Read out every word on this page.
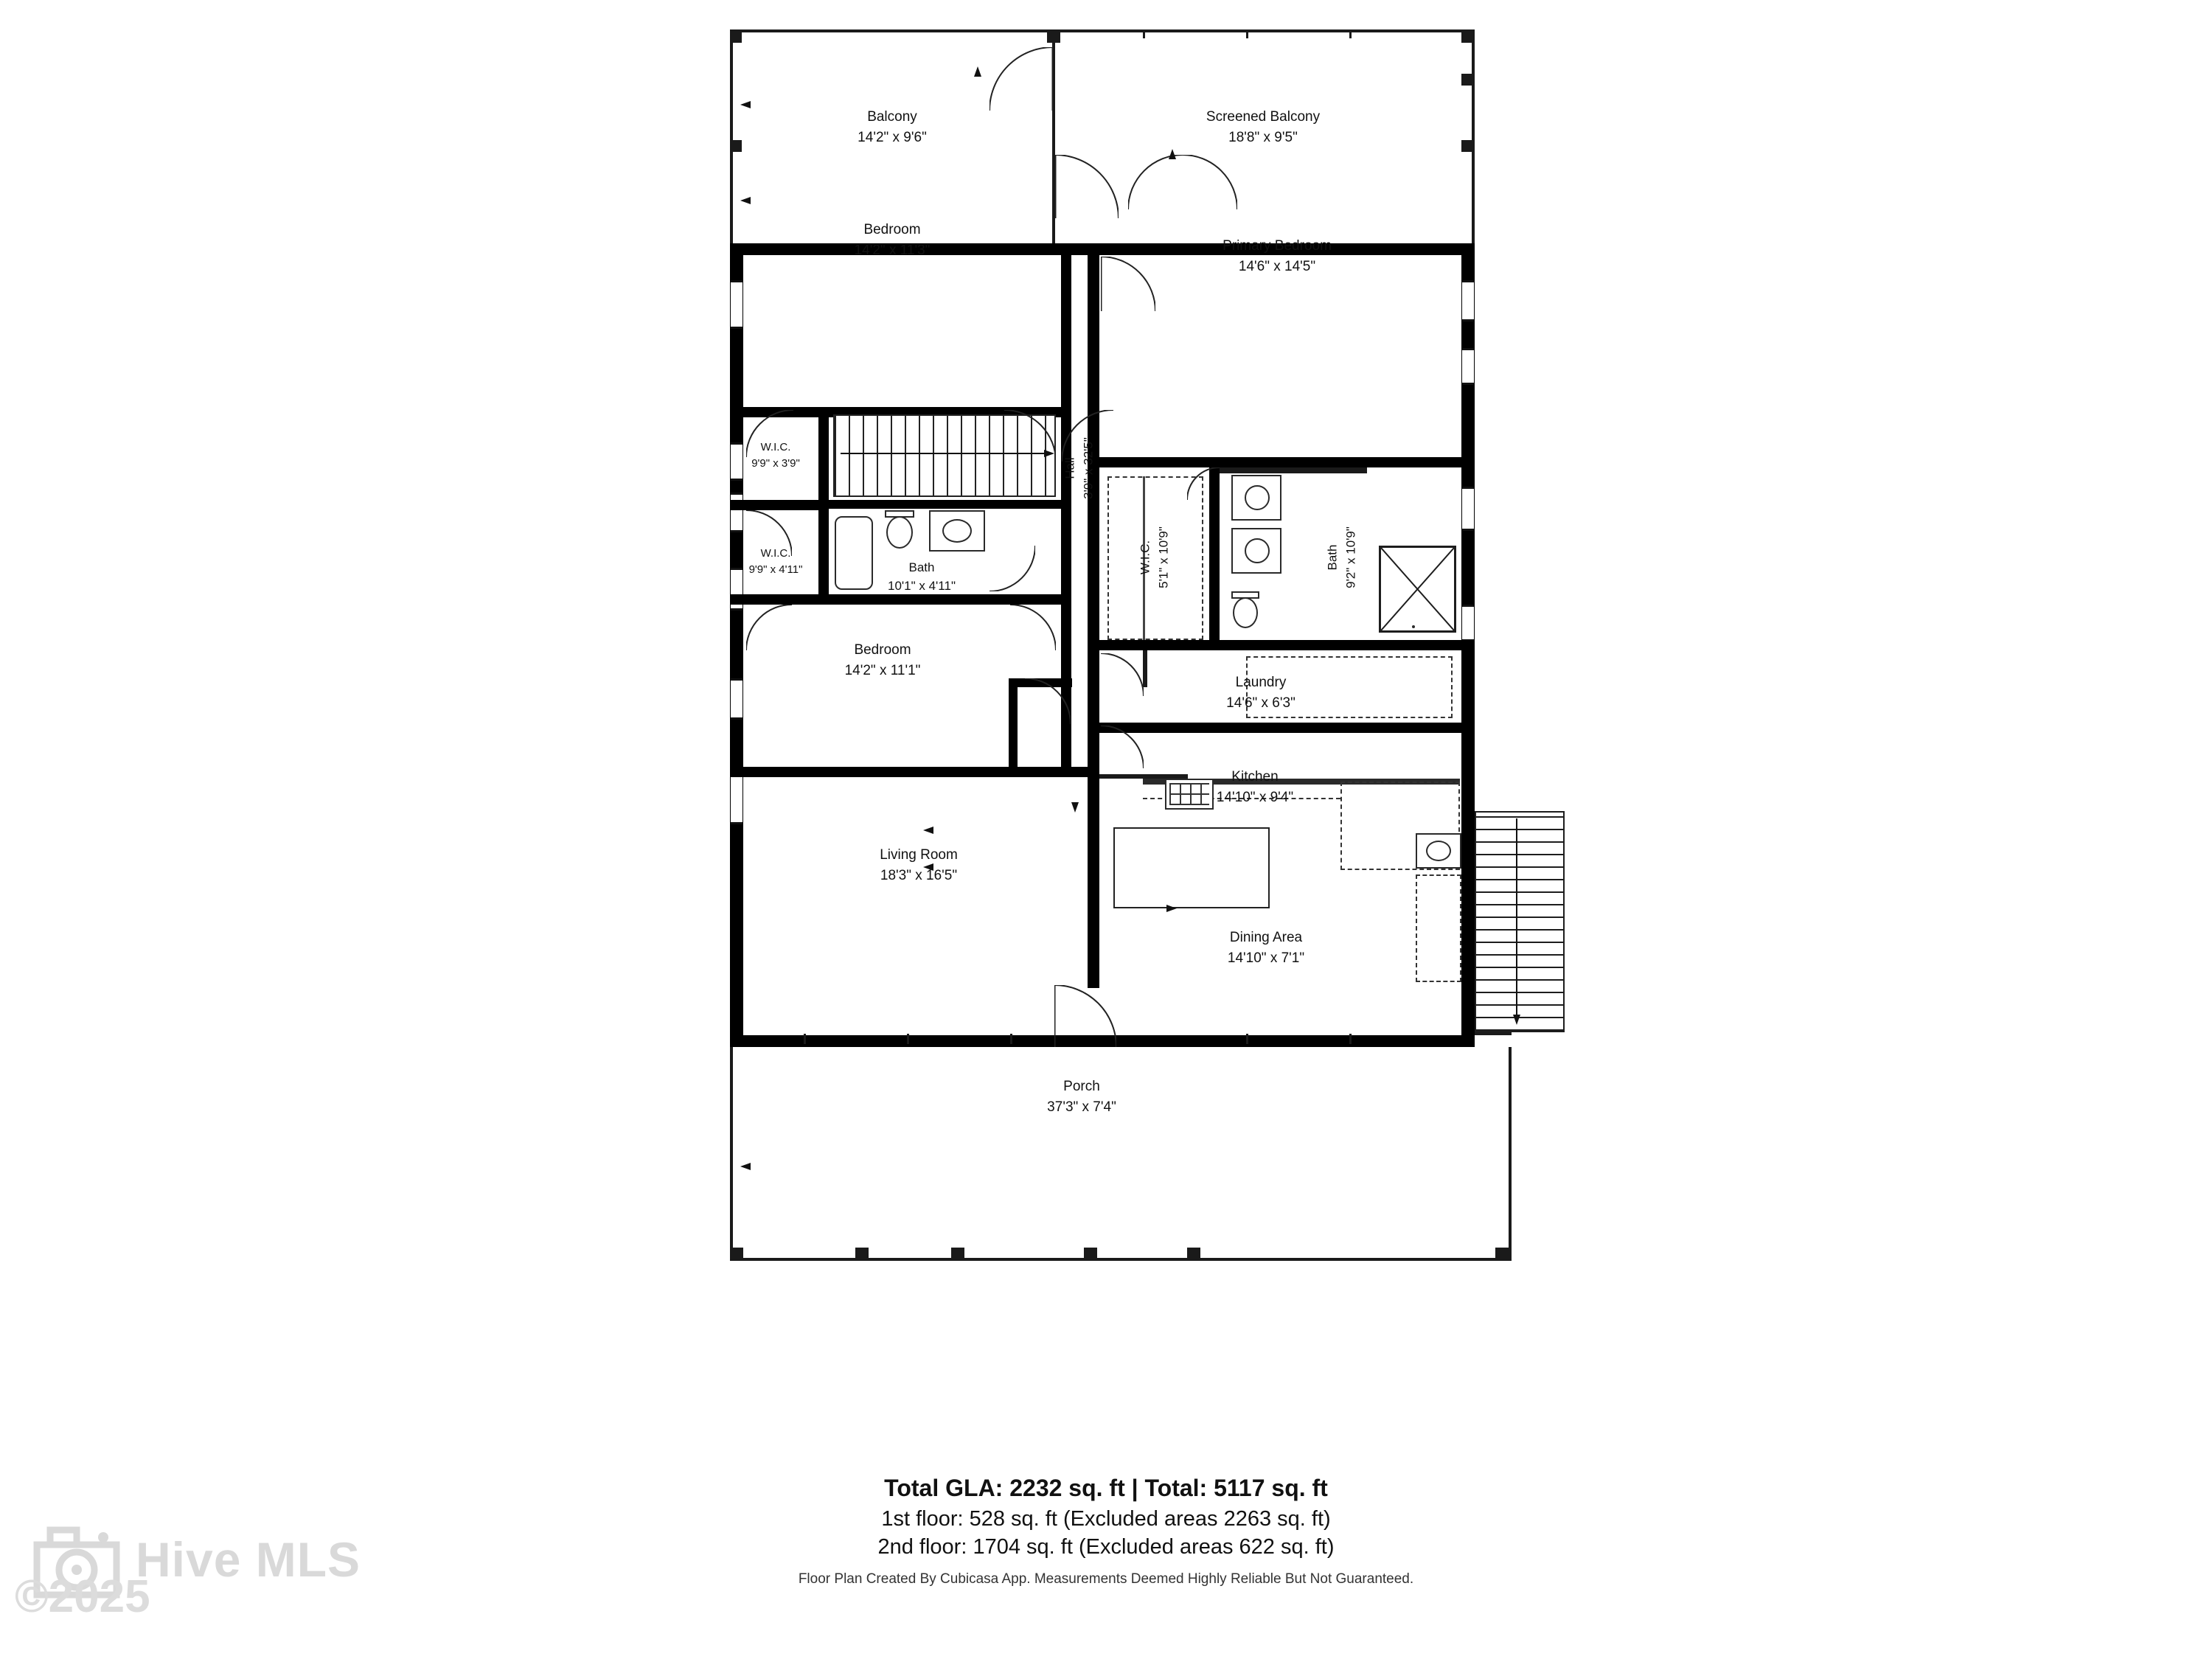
Balcony
14'2" x 9'6"
Screened Balcony
18'8" x 9'5"
Bedroom
14'2" x 11'3"	Primary Bedroom
14'6" x 14'5"
W.I.C.
9'9" x 3'9"
W.I.C.
9'9" x 4'11"
Hall 3'9" x 32'5"
Bath
10'1" x 4'11"
W.I.C. 5'1" x 10'9"	Bath 9'2" x 10'9"
Bedroom
14'2" x 11'1"
Laundry
14'6" x 6'3"
Kitchen
14'10" x 9'4"
Living Room
18'3" x 16'5"
Dining Area
14'10" x 7'1"
Porch
37'3" x 7'4"
Total GLA: 2232 sq. ft | Total: 5117 sq. ft
1st floor: 528 sq. ft (Excluded areas 2263 sq. ft)
2nd floor: 1704 sq. ft (Excluded areas 622 sq. ft)
Floor Plan Created By Cubicasa App. Measurements Deemed Highly Reliable But Not Guaranteed.
Hive MLS
©2025
